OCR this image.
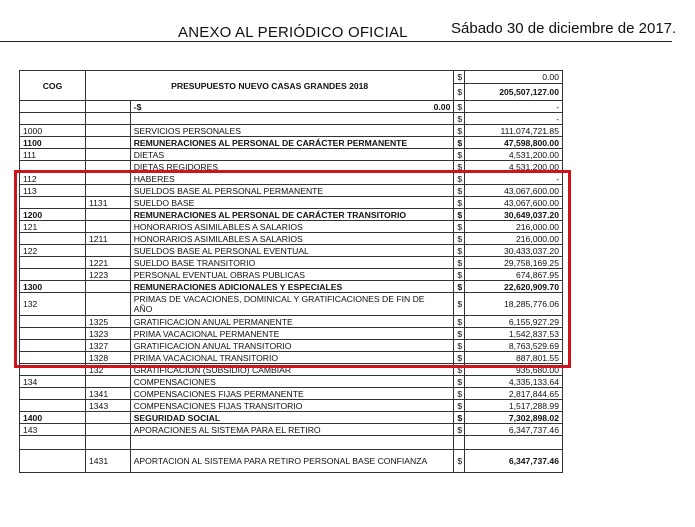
ANEXO AL PERIÓDICO OFICIAL	Sábado 30 de diciembre de 2017.
COG	PRESUPUESTO NUEVO CASAS GRANDES 2018		$	0.00
			$	205,507,127.00

		-$ 0.00	$	-
			$	-
1000		SERVICIOS PERSONALES	$	111,074,721.85
1100		REMUNERACIONES AL PERSONAL DE CARÁCTER PERMANENTE	$	47,598,800.00
111		DIETAS	$	4,531,200.00
		DIETAS REGIDORES	$	4,531,200.00
112		HABERES	$	-
113		SUELDOS BASE AL PERSONAL PERMANENTE	$	43,067,600.00
	1131	SUELDO BASE	$	43,067,600.00
1200		REMUNERACIONES AL PERSONAL DE CARÁCTER TRANSITORIO	$	30,649,037.20
121		HONORARIOS ASIMILABLES A SALARIOS	$	216,000.00
	1211	HONORARIOS ASIMILABLES A SALARIOS	$	216,000.00
122		SUELDOS BASE AL PERSONAL EVENTUAL	$	30,433,037.20
	1221	SUELDO BASE TRANSITORIO	$	29,758,169.25
	1223	PERSONAL EVENTUAL OBRAS PUBLICAS	$	674,867.95
1300		REMUNERACIONES ADICIONALES Y ESPECIALES	$	22,620,909.70
132		PRIMAS DE VACACIONES, DOMINICAL Y GRATIFICACIONES DE FIN DE
AÑO	$	18,285,776.06
	1325	GRATIFICACION ANUAL PERMANENTE	$	6,155,927.29
	1323	PRIMA VACACIONAL PERMANENTE	$	1,542,837.53
	1327	GRATIFICACION ANUAL TRANSITORIO	$	8,763,529.69
	1328	PRIMA VACACIONAL TRANSITORIO	$	887,801.55
	132	GRATIFICACION (SUBSIDIO) CAMBIAR	$	935,680.00
134		COMPENSACIONES	$	4,335,133.64
	1341	COMPENSACIONES FIJAS PERMANENTE	$	2,817,844.65
	1343	COMPENSACIONES FIJAS TRANSITORIO	$	1,517,288.99
1400		SEGURIDAD SOCIAL	$	7,302,898.02
143		APORACIONES AL SISTEMA PARA EL RETIRO	$	6,347,737.46

	1431	APORTACION AL SISTEMA PARA RETIRO PERSONAL BASE CONFIANZA	$	6,347,737.46
